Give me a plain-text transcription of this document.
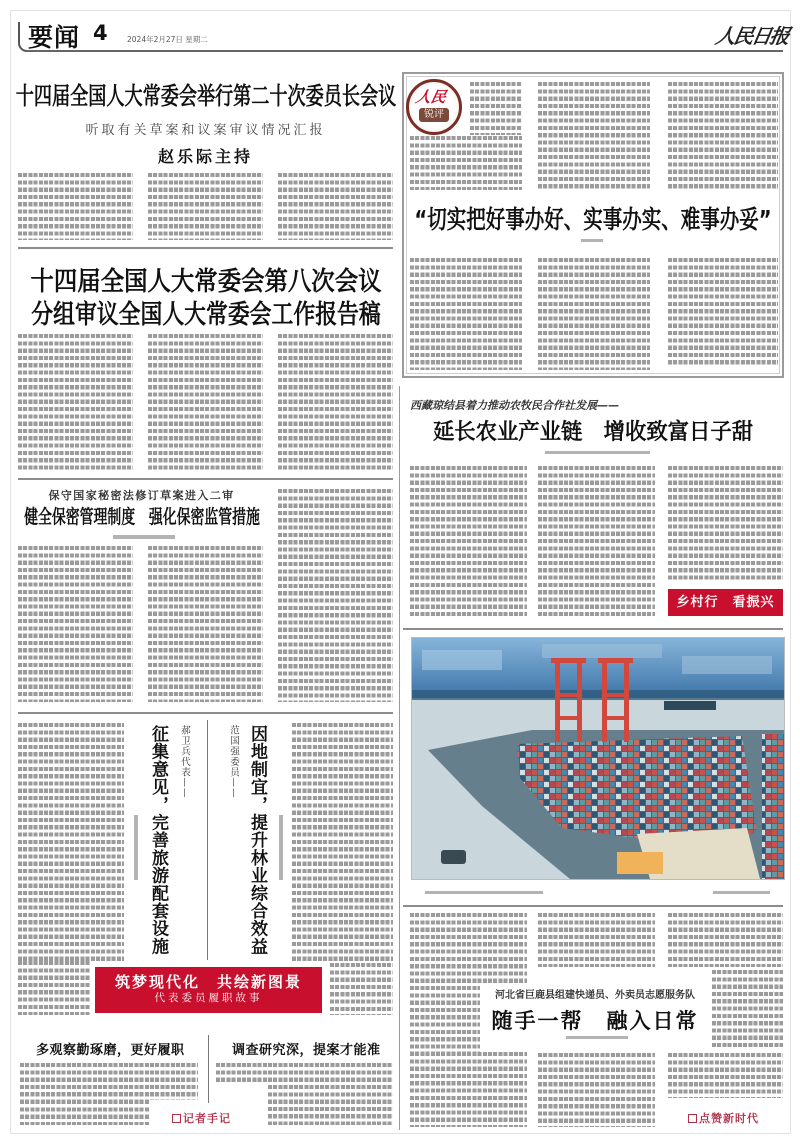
要闻 4	2024年2月27日 星期二	人民日报
十四届全国人大常委会举行第二十次委员长会议
听取有关草案和议案审议情况汇报
赵乐际主持
十四届全国人大常委会第八次会议
分组审议全国人大常委会工作报告稿
保守国家秘密法修订草案进入二审
健全保密管理制度　强化保密监管措施
征集意见，完善旅游配套设施	郝卫兵代表——	范国强委员—— 因地制宜，提升林业综合效益
筑梦现代化　共绘新图景
代表委员履职故事
多观察勤琢磨，更好履职	调查研究深，提案才能准
记者手记
人民
锐评
“切实把好事办好、实事办实、难事办妥”
西藏琼结县着力推动农牧民合作社发展——
延长农业产业链　增收致富日子甜
乡村行　看振兴
河北省巨鹿县组建快递员、外卖员志愿服务队
随手一帮　融入日常
点赞新时代
